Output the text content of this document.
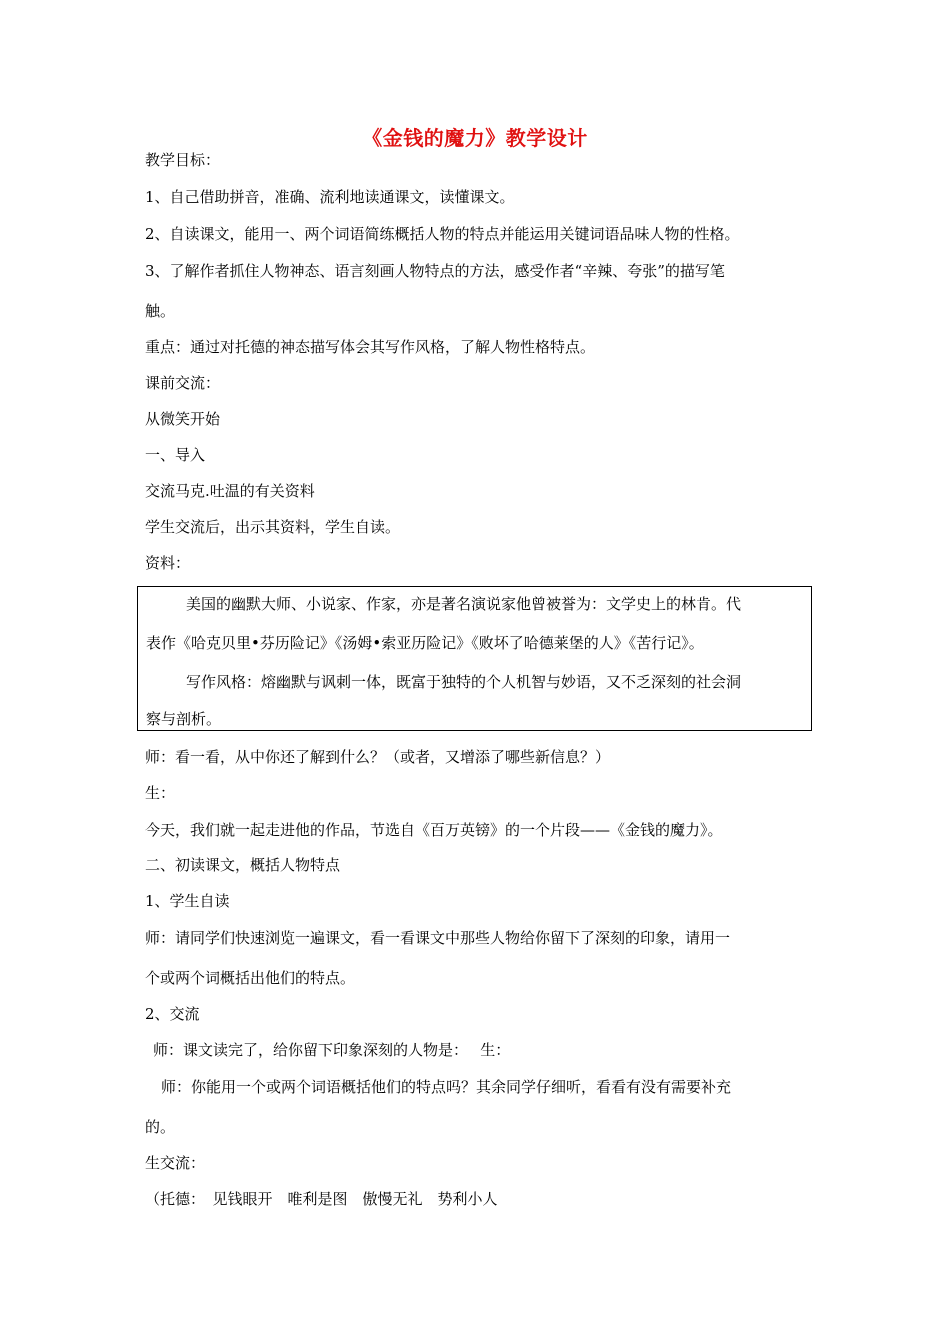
《金钱的魔力》教学设计
教学目标：
1、自己借助拼音，准确、流利地读通课文，读懂课文。
2、自读课文，能用一、两个词语简练概括人物的特点并能运用关键词语品味人物的性格。
3、了解作者抓住人物神态、语言刻画人物特点的方法，感受作者“辛辣、夸张”的描写笔
触。
重点：通过对托德的神态描写体会其写作风格，了解人物性格特点。
课前交流：
从微笑开始
一、导入
交流马克.吐温的有关资料
学生交流后，出示其资料，学生自读。
资料：
美国的幽默大师、小说家、作家，亦是著名演说家他曾被誉为：文学史上的林肯。代
表作《哈克贝里•芬历险记》《汤姆•索亚历险记》《败坏了哈德莱堡的人》《苦行记》。
写作风格：熔幽默与讽刺一体，既富于独特的个人机智与妙语，又不乏深刻的社会洞
察与剖析。
师：看一看，从中你还了解到什么？（或者，又增添了哪些新信息？）
生：
今天，我们就一起走进他的作品，节选自《百万英镑》的一个片段——《金钱的魔力》。
二、初读课文，概括人物特点
1、学生自读
师：请同学们快速浏览一遍课文，看一看课文中那些人物给你留下了深刻的印象，请用一
个或两个词概括出他们的特点。
2、交流
师：课文读完了，给你留下印象深刻的人物是：　 生：
师：你能用一个或两个词语概括他们的特点吗？其余同学仔细听，看看有没有需要补充
的。
生交流：
（托德：　见钱眼开　唯利是图　傲慢无礼　势利小人
